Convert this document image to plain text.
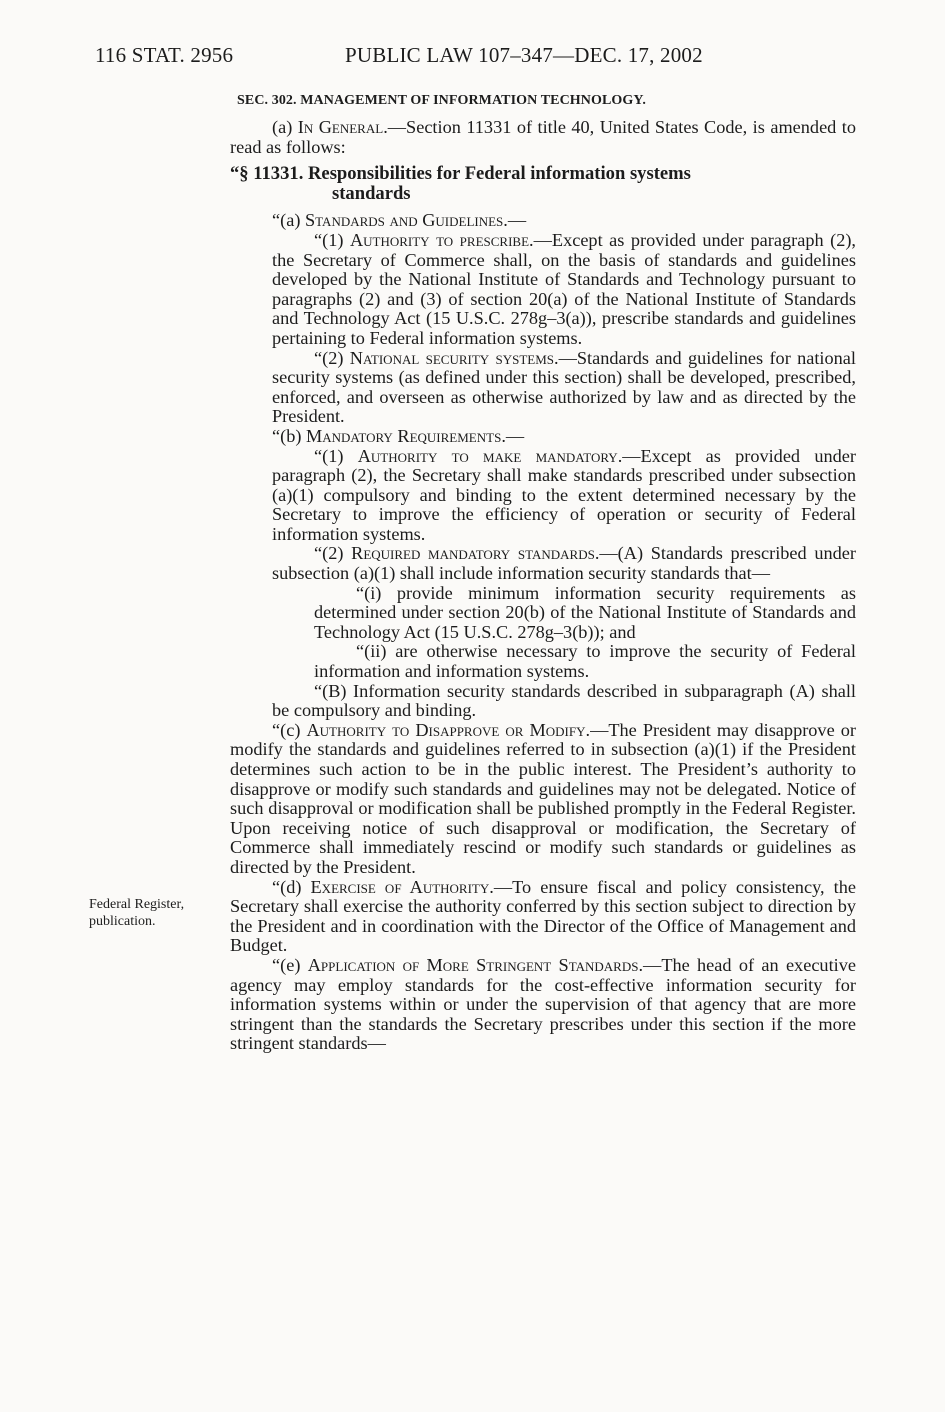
116 STAT. 2956	PUBLIC LAW 107–347—DEC. 17, 2002
SEC. 302. MANAGEMENT OF INFORMATION TECHNOLOGY.
Federal Register,
publication.

(a) In General.—Section 11331 of title 40, United States Code, is amended to read as follows:

“§ 11331. Responsibilities for Federal information systems
standards

“(a) Standards and Guidelines.—

“(1) Authority to prescribe.—Except as provided under paragraph (2), the Secretary of Commerce shall, on the basis of standards and guidelines developed by the National Institute of Standards and Technology pursuant to paragraphs (2) and (3) of section 20(a) of the National Institute of Standards and Technology Act (15 U.S.C. 278g–3(a)), prescribe standards and guidelines pertaining to Federal information systems.

“(2) National security systems.—Standards and guidelines for national security systems (as defined under this section) shall be developed, prescribed, enforced, and overseen as otherwise authorized by law and as directed by the President.

“(b) Mandatory Requirements.—

“(1) Authority to make mandatory.—Except as provided under paragraph (2), the Secretary shall make standards prescribed under subsection (a)(1) compulsory and binding to the extent determined necessary by the Secretary to improve the efficiency of operation or security of Federal information systems.

“(2) Required mandatory standards.—(A) Standards prescribed under subsection (a)(1) shall include information security standards that—

“(i) provide minimum information security requirements as determined under section 20(b) of the National Institute of Standards and Technology Act (15 U.S.C. 278g–3(b)); and

“(ii) are otherwise necessary to improve the security of Federal information and information systems.

“(B) Information security standards described in subparagraph (A) shall be compulsory and binding.

“(c) Authority to Disapprove or Modify.—The President may disapprove or modify the standards and guidelines referred to in subsection (a)(1) if the President determines such action to be in the public interest. The President’s authority to disapprove or modify such standards and guidelines may not be delegated. Notice of such disapproval or modification shall be published promptly in the Federal Register. Upon receiving notice of such disapproval or modification, the Secretary of Commerce shall immediately rescind or modify such standards or guidelines as directed by the President.

“(d) Exercise of Authority.—To ensure fiscal and policy consistency, the Secretary shall exercise the authority conferred by this section subject to direction by the President and in coordination with the Director of the Office of Management and Budget.

“(e) Application of More Stringent Standards.—The head of an executive agency may employ standards for the cost-effective information security for information systems within or under the supervision of that agency that are more stringent than the standards the Secretary prescribes under this section if the more stringent standards—
